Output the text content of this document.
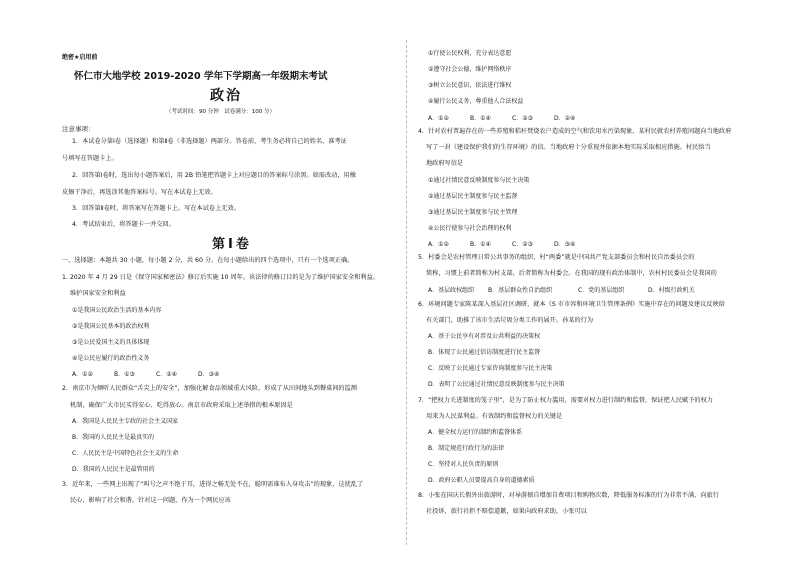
绝密★启用前
怀仁市大地学校 2019-2020 学年下学期高一年级期末考试
政治
（考试时间：90 分钟　试卷满分：100 分）
注意事项：
1．本试卷分第Ⅰ卷（选择题）和第Ⅱ卷（非选择题）两部分。答卷前，考生务必将自己的姓名、准考证
号填写在答题卡上。
2．回答第Ⅰ卷时，选出每小题答案后，用 2B 铅笔把答题卡上对应题目的答案标号涂黑。如需改动，用橡
皮擦干净后，再选涂其他答案标号。写在本试卷上无效。
3．回答第Ⅱ卷时，将答案写在答题卡上。写在本试卷上无效。
4．考试结束后，将答题卡一并交回。
第Ⅰ卷
一、选择题：本题共 30 小题，每小题 2 分，共 60 分。在每小题给出的四个选项中，只有一个选项正确。
1. 2020 年 4 月 29 日是《保守国家秘密法》修订后实施 10 周年。该法律的修订目的是为了维护国家安全和利益。
维护国家安全和利益
①是我国公民政治生活的基本内容
②是我国公民基本的政治权利
③是公民爱国主义的具体体现
④是公民应履行的政治性义务
A．①②	B．①③	C．②④	D．③④
2．南京市为倾听人民群众“舌尖上的安全”，加强化解食品领域重大风险，形成了从田间地头到餐桌间的监测
机制，确保广大市民买得安心、吃得放心。南京市政府采取上述举措的根本原因是
A．我国是人民民主专政的社会主义国家
B．我国的人民民主是最真实的
C．人民民主是中国特色社会主义的生命
D．我国的人民民主是最管用的
3．近年来，一些网上出现了“叫号之声不绝于耳，进得之畅无处不在，聪明需谁布人身攻击”的现象，这扰乱了
民心，影响了社会和谐。针对这一问题，作为一个网民应该
①行使公民权利，充分表达意愿
②遵守社会公德，维护网络秩序
③树立公民意识，依法进行维权
④履行公民义务，尊重他人合法权益
A．①②	B．①④	C．②③	D．②④
4．针对农村普遍存在的一些养殖和秸秆焚烧农户造成的空气和饮用水污染现象，某村民就农村养殖问题向当地政府
写了一封《建设保护我们的生存环境》的信。当地政府十分重视并依据本地实际采取相应措施。村民给当
地政府写信是
①通过社情民意反映制度参与民主决策
②通过基层民主制度参与民主监督
③通过基层民主制度参与民主管理
④公民行使参与社会治理的权利
A．①②	B．①④	C．②③	D．③④
5．村委会是农村管理日常公共事务的组织，村“两委”就是中国共产党支部委员会和村民自治委员会的
简称，习惯上前者简称为村支部，后者简称为村委会。在我国的现有政治体制中，农村村民委员会是我国的
A．基层政权组织 B．基层群众性自治组织	C．党的基层组织	D．村级行政机关
6．环境问题专家陈某深入基层社区调研，就本《S 市市容和环境卫生管理条例》实施中存在的问题及建议反映给
有关部门，助推了该市生活垃圾分类工作的展开。孙某的行为
A．基于公民享有对涉及公共利益的决策权
B．体现了公民通过信访制度进行民主监督
C．反映了公民通过专家咨询制度参与民主决策
D．表明了公民通过社情民意反映制度参与民主决策
7．“把权力关进制度的笼子里”，是为了防止权力滥用，需要对权力进行制约和监督，保证把人民赋予的权力
用来为人民谋利益。有效制约和监督权力的关键是
A．健全权力运行的制约和监督体系
B．制定规范行政行为的法律
C．坚持对人民负责的原则
D．政府公职人员要提高自身的道德素质
8．小张在国庆长假外出旅游时，对导游擅自增加自费项目和购物次数，降低服务标准的行为非常不满，向旅行
社投诉，旅行社拒不赔偿道歉，如果向政府求助，小张可以
